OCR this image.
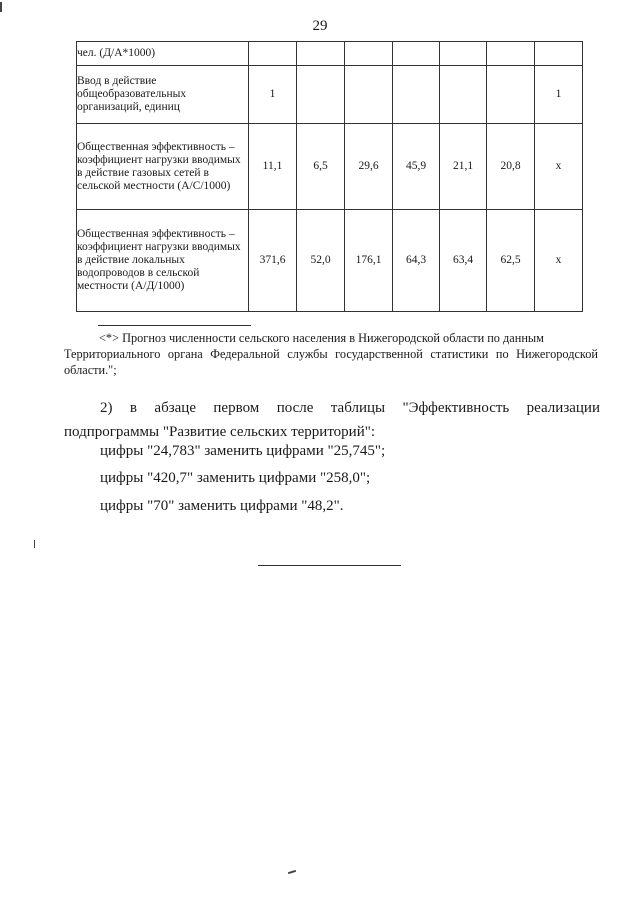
29
чел. (Д/А*1000)							
Ввод в действие общеобразовательных организаций, единиц	1						1
Общественная эффективность – коэффициент нагрузки вводимых в действие газовых сетей в сельской местности (А/С/1000)	11,1	6,5	29,6	45,9	21,1	20,8	х
Общественная эффективность – коэффициент нагрузки вводимых в действие локальных водопроводов в сельской местности (А/Д/1000)	371,6	52,0	176,1	64,3	63,4	62,5	х
<*> Прогноз численности сельского населения в Нижегородской области по данным
Территориального органа Федеральной службы государственной статистики по Нижегородской области.";
2) в абзаце первом после таблицы "Эффективность реализации подпрограммы "Развитие сельских территорий":
цифры "24,783" заменить цифрами "25,745";
цифры "420,7" заменить цифрами "258,0";
цифры "70" заменить цифрами "48,2".
